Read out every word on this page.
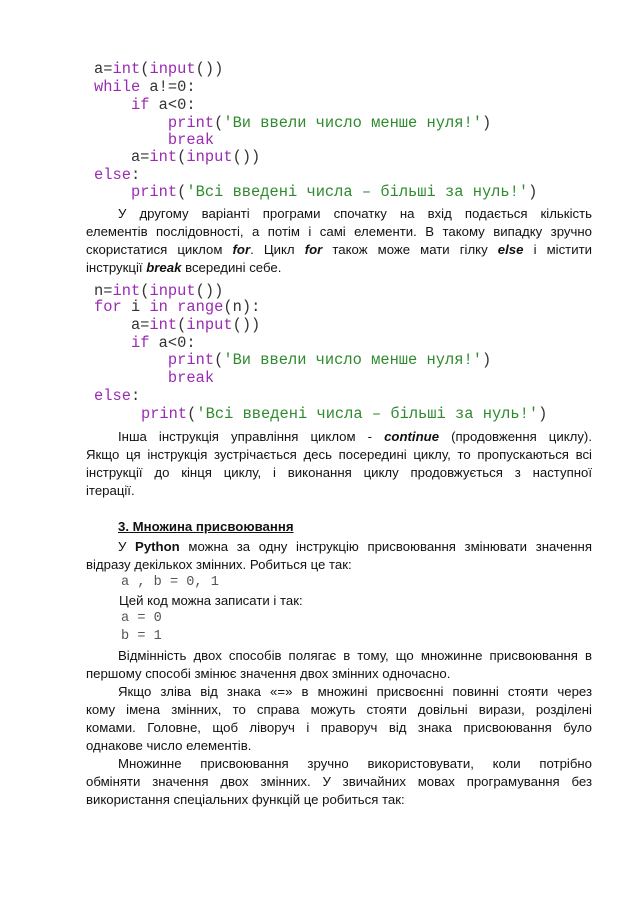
a=int(input())
while a!=0:
if a<0:
print('Ви ввели число менше нуля!')
break
a=int(input())
else:
print('Всі введені числа – більші за нуль!')
У другому варіанті програми спочатку на вхід подається кількість
елементів послідовності, а потім і самі елементи. В такому випадку зручно
скористатися циклом for. Цикл for також може мати гілку else і містити
інструкції break всередині себе.
n=int(input())
for i in range(n):
a=int(input())
if a<0:
print('Ви ввели число менше нуля!')
break
else:
print('Всі введені числа – більші за нуль!')
Інша інструкція управління циклом - continue (продовження циклу).
Якщо ця інструкція зустрічається десь посередині циклу, то пропускаються всі
інструкції до кінця циклу, і виконання циклу продовжується з наступної
ітерації.
3. Множина присвоювання
У Python можна за одну інструкцію присвоювання змінювати значення
відразу декількох змінних. Робиться це так:
a , b = 0, 1
Цей код можна записати і так:
a = 0
b = 1
Відмінність двох способів полягає в тому, що множинне присвоювання в
першому способі змінює значення двох змінних одночасно.
Якщо зліва від знака «=» в множині присвоєнні повинні стояти через
кому імена змінних, то справа можуть стояти довільні вирази, розділені
комами. Головне, щоб ліворуч і праворуч від знака присвоювання було
однакове число елементів.
Множинне присвоювання зручно використовувати, коли потрібно
обміняти значення двох змінних. У звичайних мовах програмування без
використання спеціальних функцій це робиться так:
